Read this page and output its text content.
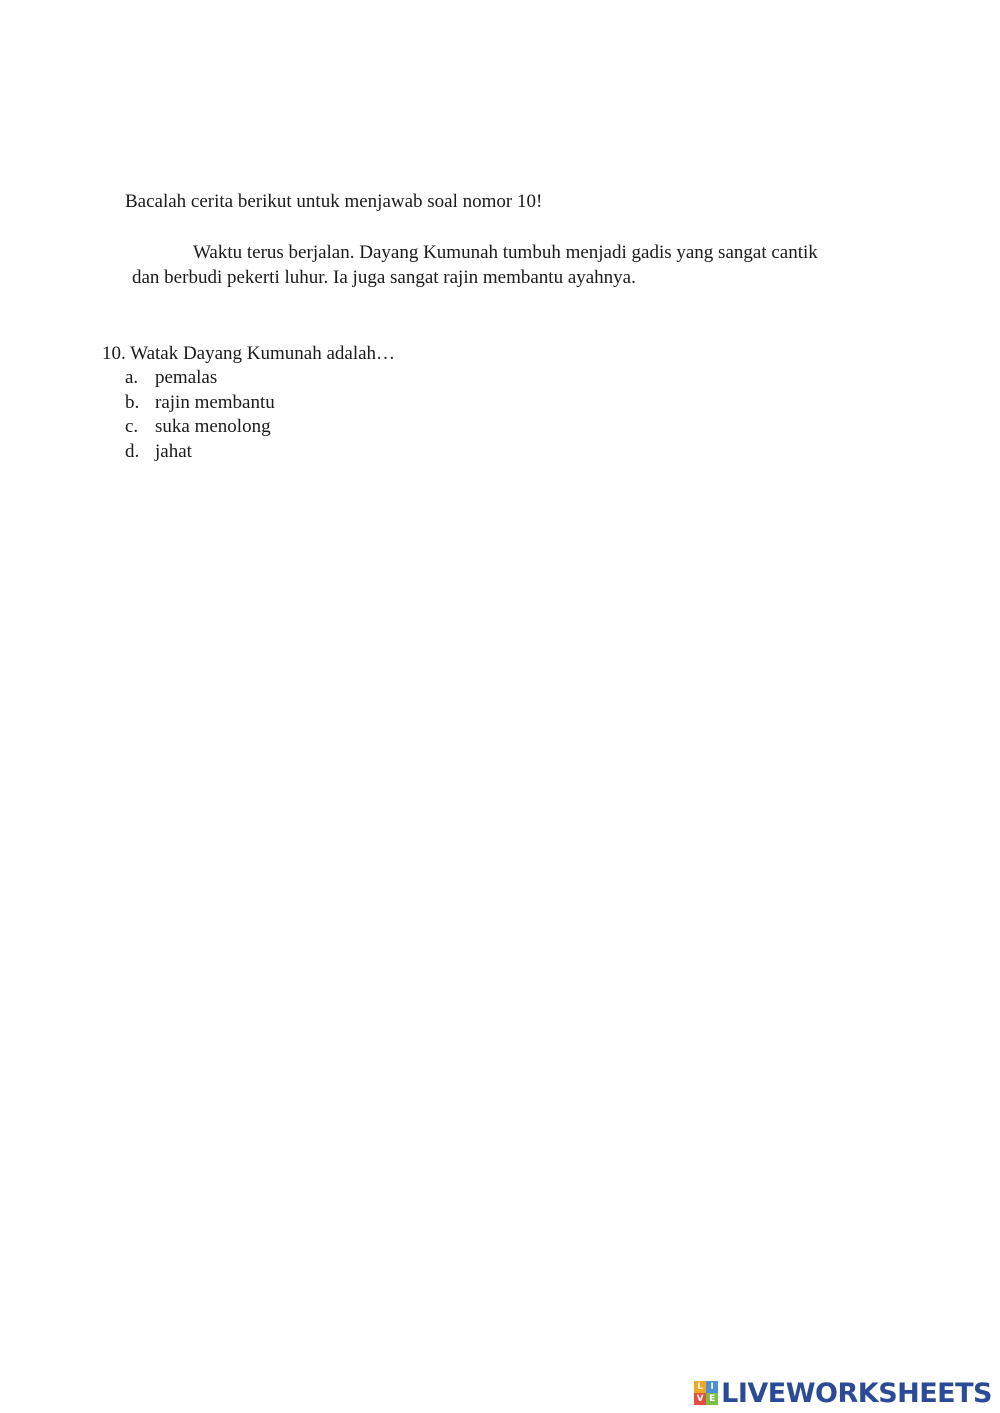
Bacalah cerita berikut untuk menjawab soal nomor 10!
Waktu terus berjalan. Dayang Kumunah tumbuh menjadi gadis yang sangat cantik
dan berbudi pekerti luhur. Ia juga sangat rajin membantu ayahnya.
10. Watak Dayang Kumunah adalah…
a. pemalas
b. rajin membantu
c. suka menolong
d. jahat
L I
V E LIVEWORKSHEETS
